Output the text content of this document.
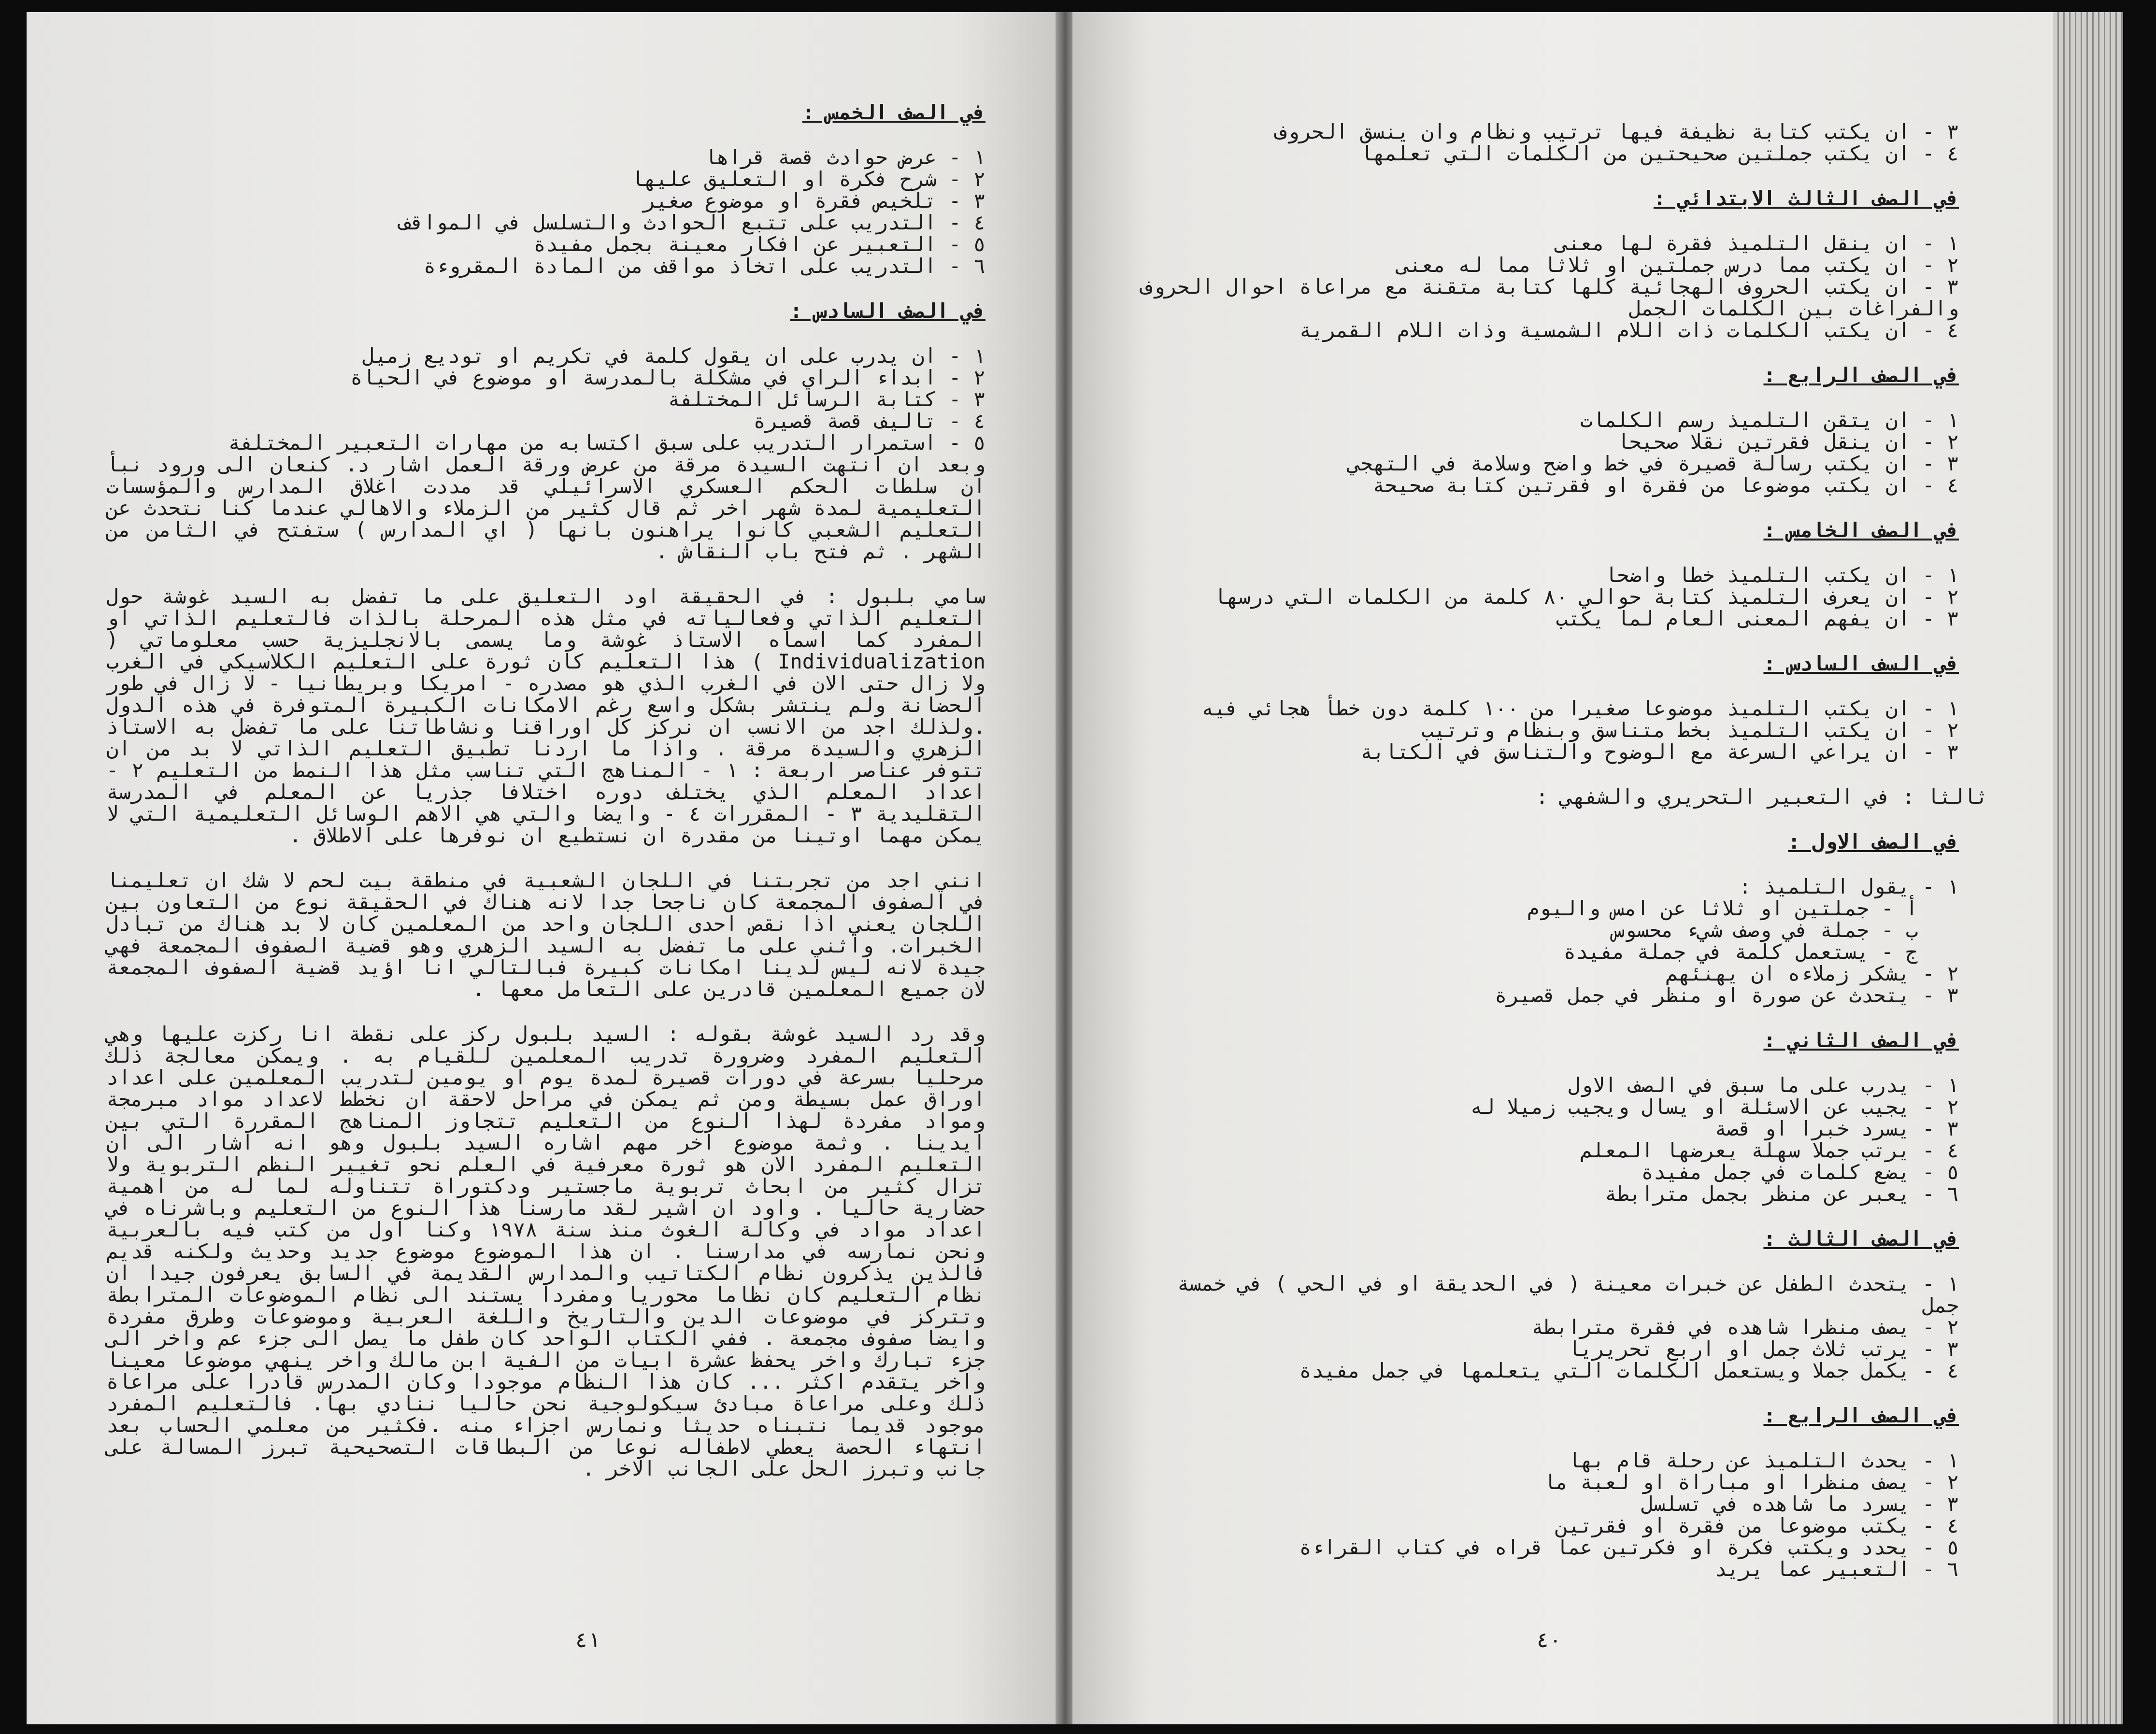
في الصف الخمس :
١ - عرض حوادث قصة قراها
٢ - شرح فكرة او التعليق عليها
٣ - تلخيص فقرة او موضوع صغير
٤ - التدريب على تتبع الحوادث والتسلسل في المواقف
٥ - التعبير عن افكار معينة بجمل مفيدة
٦ - التدريب على اتخاذ مواقف من المادة المقروءة
في الصف السادس :
١ - ان يدرب على ان يقول كلمة في تكريم او توديع زميل
٢ - ابداء الراي في مشكلة بالمدرسة او موضوع في الحياة
٣ - كتابة الرسائل المختلفة
٤ - تاليف قصة قصيرة
٥ - استمرار التدريب على سبق اكتسابه من مهارات التعبير المختلفة

وبعد ان انتهت السيدة مرقة من عرض ورقة العمل اشار د. كنعان الى ورود نبأ ان سلطات الحكم العسكري الاسرائيلي قد مددت اغلاق المدارس والمؤسسات التعليمية لمدة شهر اخر ثم قال كثير من الزملاء والاهالي عندما كنا نتحدث عن التعليم الشعبي كانوا يراهنون بانها ( اي المدارس ) ستفتح في الثامن من الشهر . ثم فتح باب النقاش .

سامي بلبول : في الحقيقة اود التعليق على ما تفضل به السيد غوشة حول التعليم الذاتي وفعالياته في مثل هذه المرحلة بالذات فالتعليم الذاتي او المفرد كما اسماه الاستاذ غوشة وما يسمى بالانجليزية حسب معلوماتي ( Individualization ) هذا التعليم كان ثورة على التعليم الكلاسيكي في الغرب ولا زال حتى الان في الغرب الذي هو مصدره - امريكا وبريطانيا - لا زال في طور الحضانة ولم ينتشر بشكل واسع رغم الامكانات الكبيرة المتوفرة في هذه الدول .ولذلك اجد من الانسب ان نركز كل اوراقنا ونشاطاتنا على ما تفضل به الاستاذ الزهري والسيدة مرقة . واذا ما اردنا تطبيق التعليم الذاتي لا بد من ان تتوفر عناصر اربعة : ١ - المناهج التي تناسب مثل هذا النمط من التعليم ٢ - اعداد المعلم الذي يختلف دوره اختلافا جذريا عن المعلم في المدرسة التقليدية ٣ - المقررات ٤ - وايضا والتي هي الاهم الوسائل التعليمية التي لا يمكن مهما اوتينا من مقدرة ان نستطيع ان نوفرها على الاطلاق .

انني اجد من تجربتنا في اللجان الشعبية في منطقة بيت لحم لا شك ان تعليمنا في الصفوف المجمعة كان ناجحا جدا لانه هناك في الحقيقة نوع من التعاون بين اللجان يعني اذا نقص احدى اللجان واحد من المعلمين كان لا بد هناك من تبادل الخبرات. واثني على ما تفضل به السيد الزهري وهو قضية الصفوف المجمعة فهي جيدة لانه ليس لدينا امكانات كبيرة فبالتالي انا اؤيد قضية الصفوف المجمعة لان جميع المعلمين قادرين على التعامل معها .

وقد رد السيد غوشة بقوله : السيد بلبول ركز على نقطة انا ركزت عليها وهي التعليم المفرد وضرورة تدريب المعلمين للقيام به . ويمكن معالجة ذلك مرحليا بسرعة في دورات قصيرة لمدة يوم او يومين لتدريب المعلمين على اعداد اوراق عمل بسيطة ومن ثم يمكن في مراحل لاحقة ان نخطط لاعداد مواد مبرمجة ومواد مفردة لهذا النوع من التعليم تتجاوز المناهج المقررة التي بين ايدينا . وثمة موضوع اخر مهم اشاره السيد بلبول وهو انه اشار الى ان التعليم المفرد الان هو ثورة معرفية في العلم نحو تغيير النظم التربوية ولا تزال كثير من ابحاث تربوية ماجستير ودكتوراة تتناوله لما له من اهمية حضارية حاليا . واود ان اشير لقد مارسنا هذا النوع من التعليم وباشرناه في اعداد مواد في وكالة الغوث منذ سنة ١٩٧٨ وكنا اول من كتب فيه بالعربية ونحن نمارسه في مدارسنا . ان هذا الموضوع موضوع جديد وحديث ولكنه قديم فالذين يذكرون نظام الكتاتيب والمدارس القديمة في السابق يعرفون جيدا ان نظام التعليم كان نظاما محوريا ومفردا يستند الى نظام الموضوعات المترابطة وتتركز في موضوعات الدين والتاريخ واللغة العربية وموضوعات وطرق مفردة وايضا صفوف مجمعة . ففي الكتاب الواحد كان طفل ما يصل الى جزء عم واخر الى جزء تبارك واخر يحفظ عشرة ابيات من الفية ابن مالك واخر ينهي موضوعا معينا واخر يتقدم اكثر ... كان هذا النظام موجودا وكان المدرس قادرا على مراعاة ذلك وعلى مراعاة مبادئ سيكولوجية نحن حاليا ننادي بها. فالتعليم المفرد موجود قديما نتبناه حديثا ونمارس اجزاء منه .فكثير من معلمي الحساب بعد انتهاء الحصة يعطي لاطفاله نوعا من البطاقات التصحيحية تبرز المسالة على جانب وتبرز الحل على الجانب الاخر .

٤١
٣ - ان يكتب كتابة نظيفة فيها ترتيب ونظام وان ينسق الحروف
٤ - ان يكتب جملتين صحيحتين من الكلمات التي تعلمها
في الصف الثالث الابتدائي :
١ - ان ينقل التلميذ فقرة لها معنى
٢ - ان يكتب مما درس جملتين او ثلاثا مما له معنى
٣ - ان يكتب الحروف الهجائية كلها كتابة متقنة مع مراعاة احوال الحروف والفراغات بين الكلمات الجمل
٤ - ان يكتب الكلمات ذات اللام الشمسية وذات اللام القمرية
في الصف الرابع :
١ - ان يتقن التلميذ رسم الكلمات
٢ - ان ينقل فقرتين نقلا صحيحا
٣ - ان يكتب رسالة قصيرة في خط واضح وسلامة في التهجي
٤ - ان يكتب موضوعا من فقرة او فقرتين كتابة صحيحة
في الصف الخامس :
١ - ان يكتب التلميذ خطا واضحا
٢ - ان يعرف التلميذ كتابة حوالي ٨٠ كلمة من الكلمات التي درسها
٣ - ان يفهم المعنى العام لما يكتب
في السف السادس :
١ - ان يكتب التلميذ موضوعا صغيرا من ١٠٠ كلمة دون خطأ هجائي فيه
٢ - ان يكتب التلميذ بخط متناسق وبنظام وترتيب
٣ - ان يراعي السرعة مع الوضوح والتناسق في الكتابة
ثالثا : في التعبير التحريري والشفهي :
في الصف الاول :
١ - يقول التلميذ :
أ - جملتين او ثلاثا عن امس واليوم
ب - جملة في وصف شيء محسوس
ج - يستعمل كلمة في جملة مفيدة
٢ - يشكر زملاءه ان يهنئهم
٣ - يتحدث عن صورة او منظر في جمل قصيرة
في الصف الثاني :
١ - يدرب على ما سبق في الصف الاول
٢ - يجيب عن الاسئلة او يسال ويجيب زميلا له
٣ - يسرد خبرا او قصة
٤ - يرتب جملا سهلة يعرضها المعلم
٥ - يضع كلمات في جمل مفيدة
٦ - يعبر عن منظر بجمل مترابطة
في الصف الثالث :
١ - يتحدث الطفل عن خبرات معينة ( في الحديقة او في الحي ) في خمسة جمل
٢ - يصف منظرا شاهده في فقرة مترابطة
٣ - يرتب ثلاث جمل او اربع تحريريا
٤ - يكمل جملا ويستعمل الكلمات التي يتعلمها في جمل مفيدة
في الصف الرابع :
١ - يحدث التلميذ عن رحلة قام بها
٢ - يصف منظرا او مباراة او لعبة ما
٣ - يسرد ما شاهده في تسلسل
٤ - يكتب موضوعا من فقرة او فقرتين
٥ - يحدد ويكتب فكرة او فكرتين عما قراه في كتاب القراءة
٦ - التعبير عما يريد
٤٠
